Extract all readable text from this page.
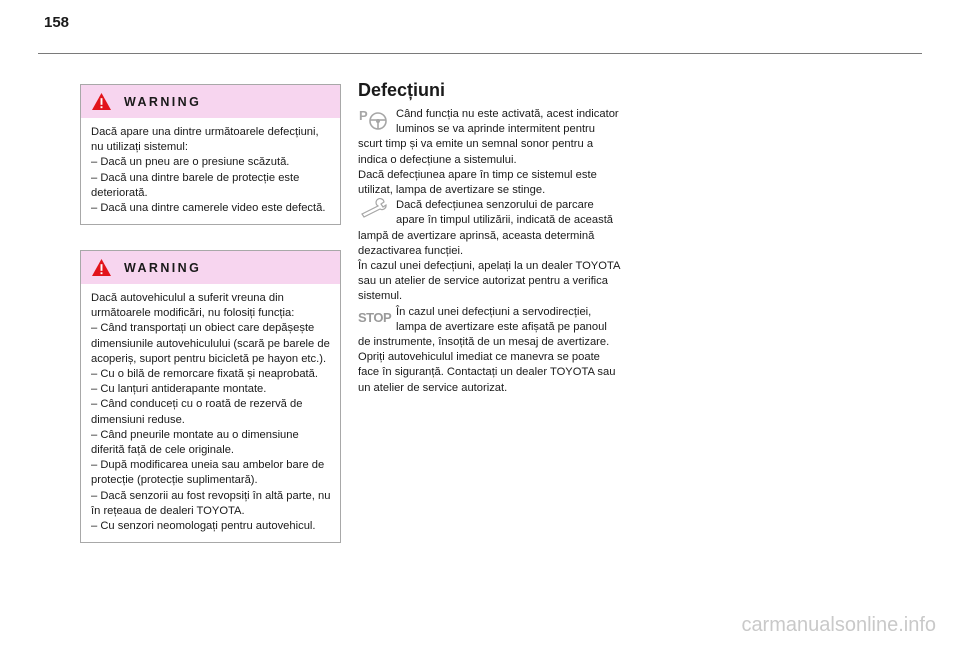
158
WARNING
Dacă apare una dintre următoarele defecțiuni, nu utilizați sistemul:
– Dacă un pneu are o presiune scăzută.
– Dacă una dintre barele de protecție este deteriorată.
– Dacă una dintre camerele video este defectă.
WARNING
Dacă autovehiculul a suferit vreuna din următoarele modificări, nu folosiți funcția:
– Când transportați un obiect care depășește dimensiunile autovehiculului (scară pe barele de acoperiș, suport pentru bicicletă pe hayon etc.).
– Cu o bilă de remorcare fixată și neaprobată.
– Cu lanțuri antiderapante montate.
– Când conduceți cu o roată de rezervă de dimensiuni reduse.
– Când pneurile montate au o dimensiune diferită față de cele originale.
– După modificarea uneia sau ambelor bare de protecție (protecție suplimentară).
– Dacă senzorii au fost revopsiți în altă parte, nu în rețeaua de dealeri TOYOTA.
– Cu senzori neomologați pentru autovehicul.
Defecțiuni
P	Când funcția nu este activată, acest indicator luminos se va aprinde intermitent pentru scurt timp și va emite un semnal sonor pentru a indica o defecțiune a sistemului.
Dacă defecțiunea apare în timp ce sistemul este utilizat, lampa de avertizare se stinge.

Dacă defecțiunea senzorului de parcare apare în timpul utilizării, indicată de această lampă de avertizare aprinsă, aceasta determină dezactivarea funcției.
În cazul unei defecțiuni, apelați la un dealer TOYOTA sau un atelier de service autorizat pentru a verifica sistemul.

STOP În cazul unei defecțiuni a servodirecției, lampa de avertizare este afișată pe panoul de instrumente, însoțită de un mesaj de avertizare.
Opriți autovehiculul imediat ce manevra se poate face în siguranță. Contactați un dealer TOYOTA sau un atelier de service autorizat.

carmanualsonline.info
